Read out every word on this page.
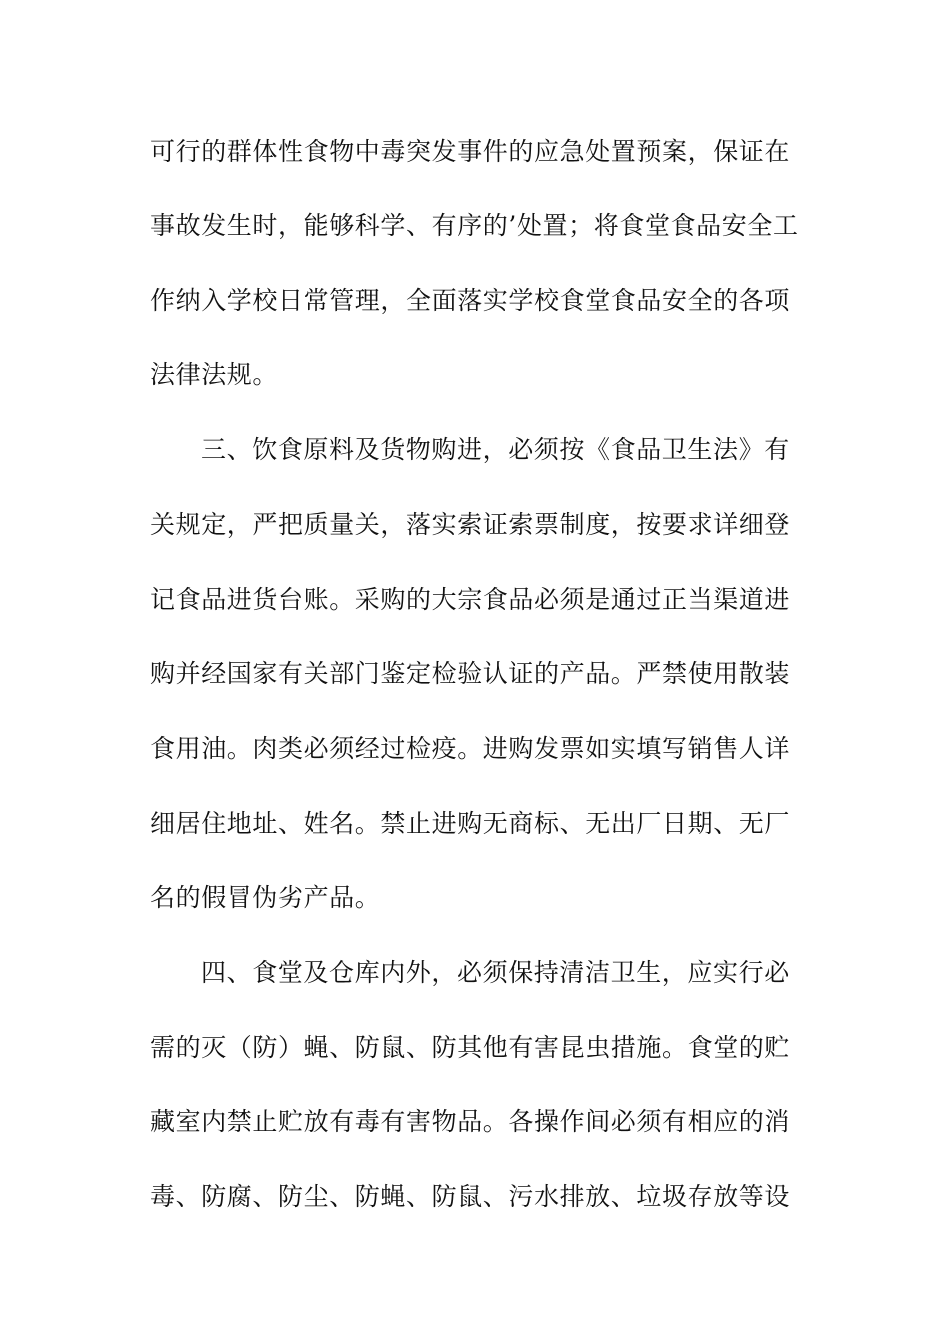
可行的群体性食物中毒突发事件的应急处置预案，保证在
事故发生时，能够科学、有序的’处置；将食堂食品安全工
作纳入学校日常管理，全面落实学校食堂食品安全的各项
法律法规。
三、饮食原料及货物购进，必须按《食品卫生法》有
关规定，严把质量关，落实索证索票制度，按要求详细登
记食品进货台账。采购的大宗食品必须是通过正当渠道进
购并经国家有关部门鉴定检验认证的产品。严禁使用散装
食用油。肉类必须经过检疫。进购发票如实填写销售人详
细居住地址、姓名。禁止进购无商标、无出厂日期、无厂
名的假冒伪劣产品。
四、食堂及仓库内外，必须保持清洁卫生，应实行必
需的灭（防）蝇、防鼠、防其他有害昆虫措施。食堂的贮
藏室内禁止贮放有毒有害物品。各操作间必须有相应的消
毒、防腐、防尘、防蝇、防鼠、污水排放、垃圾存放等设
